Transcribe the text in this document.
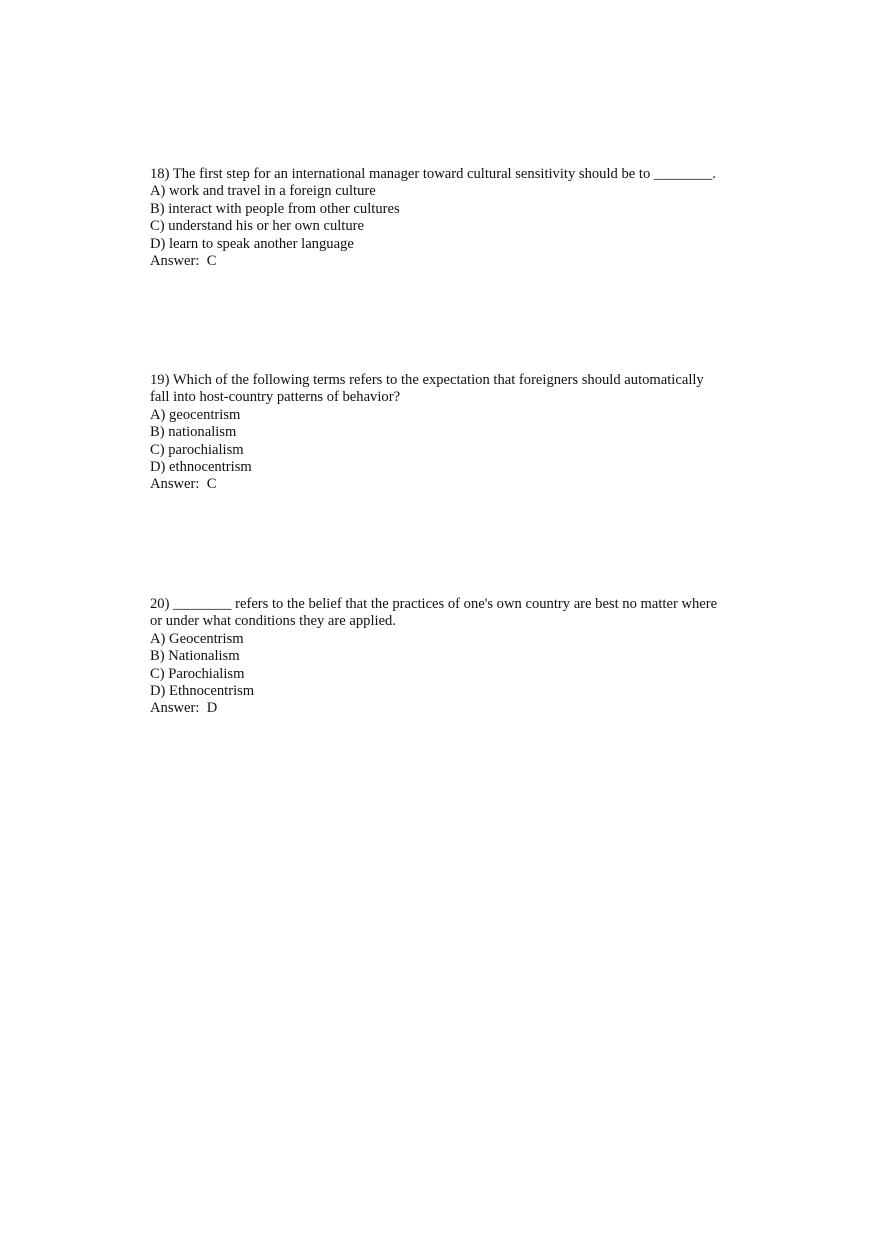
18) The first step for an international manager toward cultural sensitivity should be to ________.
A) work and travel in a foreign culture
B) interact with people from other cultures
C) understand his or her own culture
D) learn to speak another language
Answer:  C
19) Which of the following terms refers to the expectation that foreigners should automatically
fall into host-country patterns of behavior?
A) geocentrism
B) nationalism
C) parochialism
D) ethnocentrism
Answer:  C
20) ________ refers to the belief that the practices of one's own country are best no matter where
or under what conditions they are applied.
A) Geocentrism
B) Nationalism
C) Parochialism
D) Ethnocentrism
Answer:  D
